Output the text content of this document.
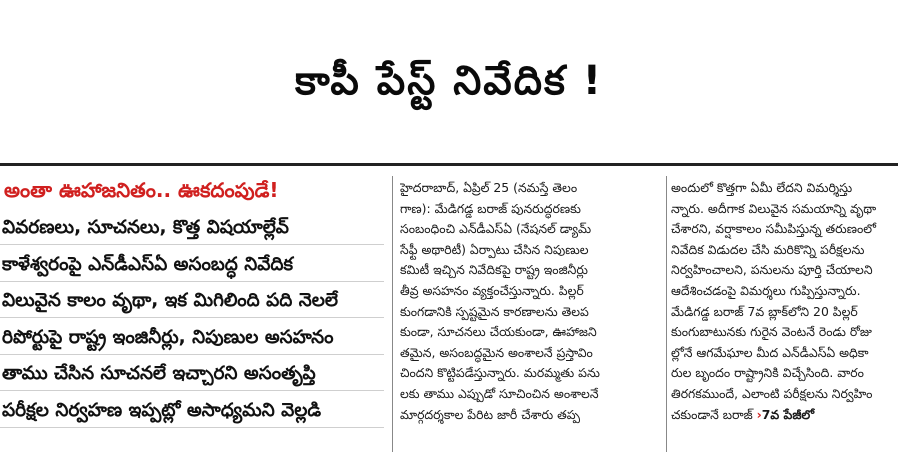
కాపీ పేస్ట్ నివేదిక !
అంతా ఊహాజనితం.. ఊకదంపుడే!
వివరణలు, సూచనలు, కొత్త విషయాల్లేవ్
కాళేశ్వరంపై ఎన్‌డీఎస్‌ఏ అసంబద్ధ నివేదిక
విలువైన కాలం వృథా, ఇక మిగిలింది పది నెలలే
రిపోర్టుపై రాష్ట్ర ఇంజినీర్లు, నిపుణుల అసహనం
తాము చేసిన సూచనలే ఇచ్చారని అసంతృప్తి
పరీక్షల నిర్వహణ ఇప్పట్లో అసాధ్యమని వెల్లడి
హైదరాబాద్, ఏప్రిల్ 25 (నమస్తే తెలం
గాణ): మేడిగడ్డ బరాజ్ పునరుద్ధరణకు
సంబంధించి ఎన్‌డీఎస్‌ఏ (నేషనల్ డ్యామ్
సేఫ్టీ అథారిటీ) ఏర్పాటు చేసిన నిపుణుల
కమిటీ ఇచ్చిన నివేదికపై రాష్ట్ర ఇంజినీర్లు
తీవ్ర అసహనం వ్యక్తంచేస్తున్నారు. పిల్లర్
కుంగడానికి స్పష్టమైన కారణాలను తెలప
కుండా, సూచనలు చేయకుండా, ఊహాజని
తమైన, అసంబద్ధమైన అంశాలనే ప్రస్తావిం
చిందని కొట్టిపడేస్తున్నారు. మరమ్మతు పను
లకు తాము ఎప్పుడో సూచించిన అంశాలనే
మార్గదర్శకాల పేరిట జారీ చేశారు తప్ప
అందులో కొత్తగా ఏమీ లేదని విమర్శిస్తు
న్నారు. అదీగాక విలువైన సమయాన్ని వృథా
చేశారని, వర్షాకాలం సమీపిస్తున్న తరుణంలో
నివేదిక విడుదల చేసి మరికొన్ని పరీక్షలను
నిర్వహించాలని, పనులను పూర్తి చేయాలని
ఆదేశించడంపై విమర్శలు గుప్పిస్తున్నారు.
మేడిగడ్డ బరాజ్ 7వ బ్లాక్‌లోని 20 పిల్లర్
కుంగుబాటునకు గురైన వెంటనే రెండు రోజు
ల్లోనే ఆగమేఘాల మీద ఎన్‌డీఎస్‌ఏ అధికా
రుల బృందం రాష్ట్రానికి విచ్చేసింది. వారం
తిరగకముందే, ఎలాంటి పరీక్షలను నిర్వహిం
చకుండానే బరాజ్ ›7వ పేజీలో
